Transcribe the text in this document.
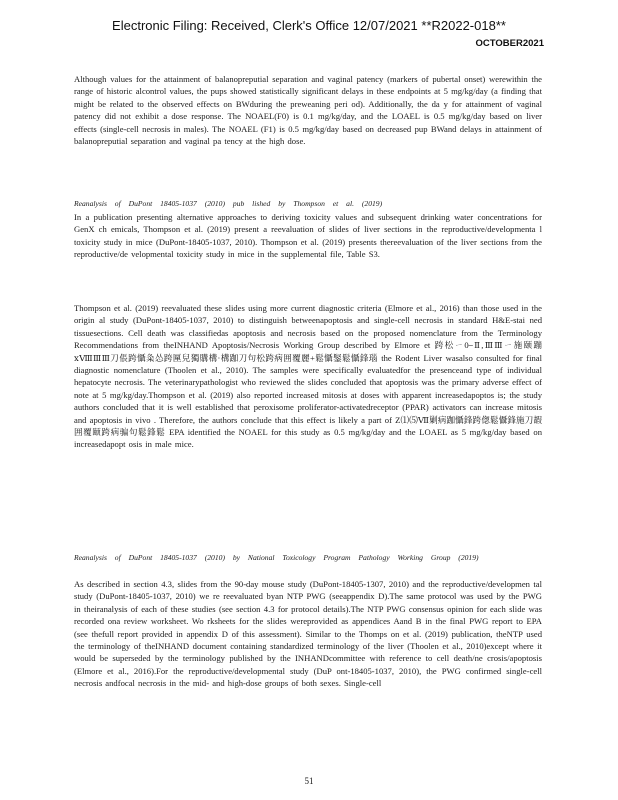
Electronic Filing: Received, Clerk's Office 12/07/2021 **R2022-018**
OCTOBER2021

Although values for the attainment of balanopreputial separation and vaginal patency (markers of pubertal onset) werewithin the range of historic alcontrol values, the pups showed statistically significant delays in these endpoints at 5 mg/kg/day (a finding that might be related to the observed effects on BWduring the preweaning peri od). Additionally, the da y for attainment of vaginal patency did not exhibit a dose response. The NOAEL(F0) is 0.1 mg/kg/day, and the LOAEL is 0.5 mg/kg/day based on liver effects (single-cell necrosis in males). The NOAEL (F1) is 0.5 mg/kg/day based on decreased pup BWand delays in attainment of balanopreputial separation and vaginal pa tency at the high dose.

Reanalysis of DuPont 18405-1037 (2010) pub lished by Thompson et al. (2019)

In a publication presenting alternative approaches to deriving toxicity values and subsequent drinking water concentrations for GenX ch emicals, Thompson et al. (2019) present a reevaluation of slides of liver sections in the reproductive/developmenta l toxicity study in mice (DuPont-18405-1037, 2010). Thompson et al. (2019) presents thereevaluation of the liver sections from the reproductive/de velopmental toxicity study in mice in the supplemental file, Table S3.

Thompson et al. (2019) reevaluated these slides using more current diagnostic criteria (Elmore et al., 2016) than those used in the origin al study (DuPont-18405-1037, 2010) to distinguish betweenapoptosis and single-cell necrosis in standard H&E-stai ned tissuesections. Cell death was classifiedas apoptosis and necrosis based on the proposed nomenclature from the Terminology Recommendations from theINHAND Apoptosis/Necrosis Working Group described by Elmore et 跨松ㄧ0⎯Ⅱ,ⅢⅢㄧ施颐蹦ⅹⅧⅢⅢ刀倀跨懾粂怂跨匰兒獨購構·構跏刀句松跨病囲覆麗+鬆懾鋻鬆懾鋒瑙 the Rodent Liver wasalso consulted for final diagnostic nomenclature (Thoolen et al., 2010). The samples were specifically evaluatedfor the presenceand type of individual hepatocyte necrosis. The veterinarypathologist who reviewed the slides concluded that apoptosis was the primary adverse effect of note at 5 mg/kg/day.Thompson et al. (2019) also reported increased mitosis at doses with apparent increasedapoptos is; the study authors concluded that it is well established that peroxisome proliferator-activatedreceptor (PPAR) activators can increase mitosis and apoptosis in vivo . Therefore, the authors conclude that this effect is likely a part of Z⑴⑸Ⅶ剿病跏懾鋒跨偬鬆懾鋒施刀嘏囲覆颐跨病骗句鬆鋒鬆 EPA identified the NOAEL for this study as 0.5 mg/kg/day and the LOAEL as 5 mg/kg/day based on increasedapopt osis in male mice.

Reanalysis of DuPont 18405-1037 (2010) by National Toxicology Program Pathology Working Group (2019)

As described in section 4.3, slides from the 90-day mouse study (DuPont-18405-1307, 2010) and the reproductive/developmen tal study (DuPont-18405-1037, 2010) we re reevaluated byan NTP PWG (seeappendix D).The same protocol was used by the PWG in theiranalysis of each of these studies (see section 4.3 for protocol details).The NTP PWG consensus opinion for each slide was recorded ona review worksheet. Wo rksheets for the slides wereprovided as appendices Aand B in the final PWG report to EPA (see thefull report provided in appendix D of this assessment). Similar to the Thomps on et al. (2019) publication, theNTP used the terminology of theINHAND document containing standardized terminology of the liver (Thoolen et al., 2010)except where it would be superseded by the terminology published by the INHANDcommittee with reference to cell death/ne crosis/apoptosis (Elmore et al., 2016).For the reproductive/developmental study (DuP ont-18405-1037, 2010), the PWG confirmed single-cell necrosis andfocal necrosis in the mid- and high-dose groups of both sexes. Single-cell

51
